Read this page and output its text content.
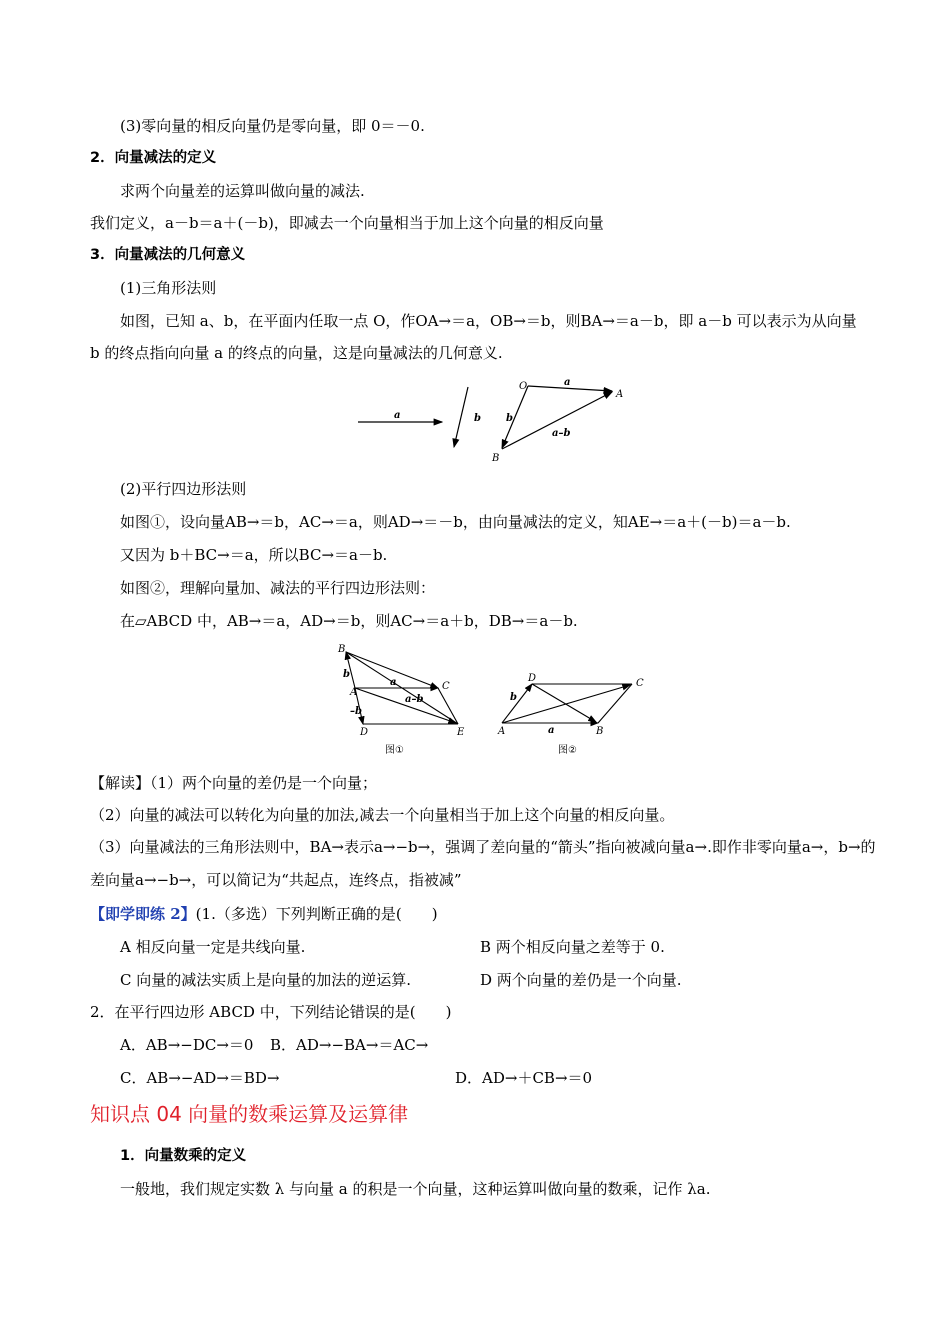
(3)零向量的相反向量仍是零向量，即 0＝－0.
2．向量减法的定义
求两个向量差的运算叫做向量的减法.
我们定义，a－b＝a＋(－b)，即减去一个向量相当于加上这个向量的相反向量
3．向量减法的几何意义
(1)三角形法则
如图，已知 a、b，在平面内任取一点 O，作OA→＝a，OB→＝b，则BA→＝a－b，即 a－b 可以表示为从向量
b 的终点指向向量 a 的终点的向量，这是向量减法的几何意义.
a	b
O	a
A
b
a–b
B
(2)平行四边形法则
如图①，设向量AB→＝b，AC→＝a，则AD→＝－b，由向量减法的定义，知AE→＝a＋(－b)＝a－b.
又因为 b＋BC→＝a，所以BC→＝a－b.
如图②，理解向量加、减法的平行四边形法则：
在▱ABCD 中，AB→＝a，AD→＝b，则AC→＝a＋b，DB→＝a－b.
B
b
A
a
a–b
C
–b
D	E
图①
D	C
b
A	a	B
图②
【解读】（1）两个向量的差仍是一个向量；
（2）向量的减法可以转化为向量的加法,减去一个向量相当于加上这个向量的相反向量。
（3）向量减法的三角形法则中，BA→表示a→−b→，强调了差向量的“箭头”指向被减向量a→.即作非零向量a→，b→的
差向量a→−b→，可以简记为“共起点，连终点，指被减”
【即学即练 2】(1.（多选）下列判断正确的是(　　)
A 相反向量一定是共线向量.	B 两个相反向量之差等于 0.
C 向量的减法实质上是向量的加法的逆运算.	D 两个向量的差仍是一个向量.
2．在平行四边形 ABCD 中，下列结论错误的是(　　)
A．AB→−DC→＝0 B．AD→−BA→＝AC→
C．AB→−AD→＝BD→	D．AD→＋CB→＝0
知识点 04 向量的数乘运算及运算律
1．向量数乘的定义
一般地，我们规定实数 λ 与向量 a 的积是一个向量，这种运算叫做向量的数乘，记作 λa.
